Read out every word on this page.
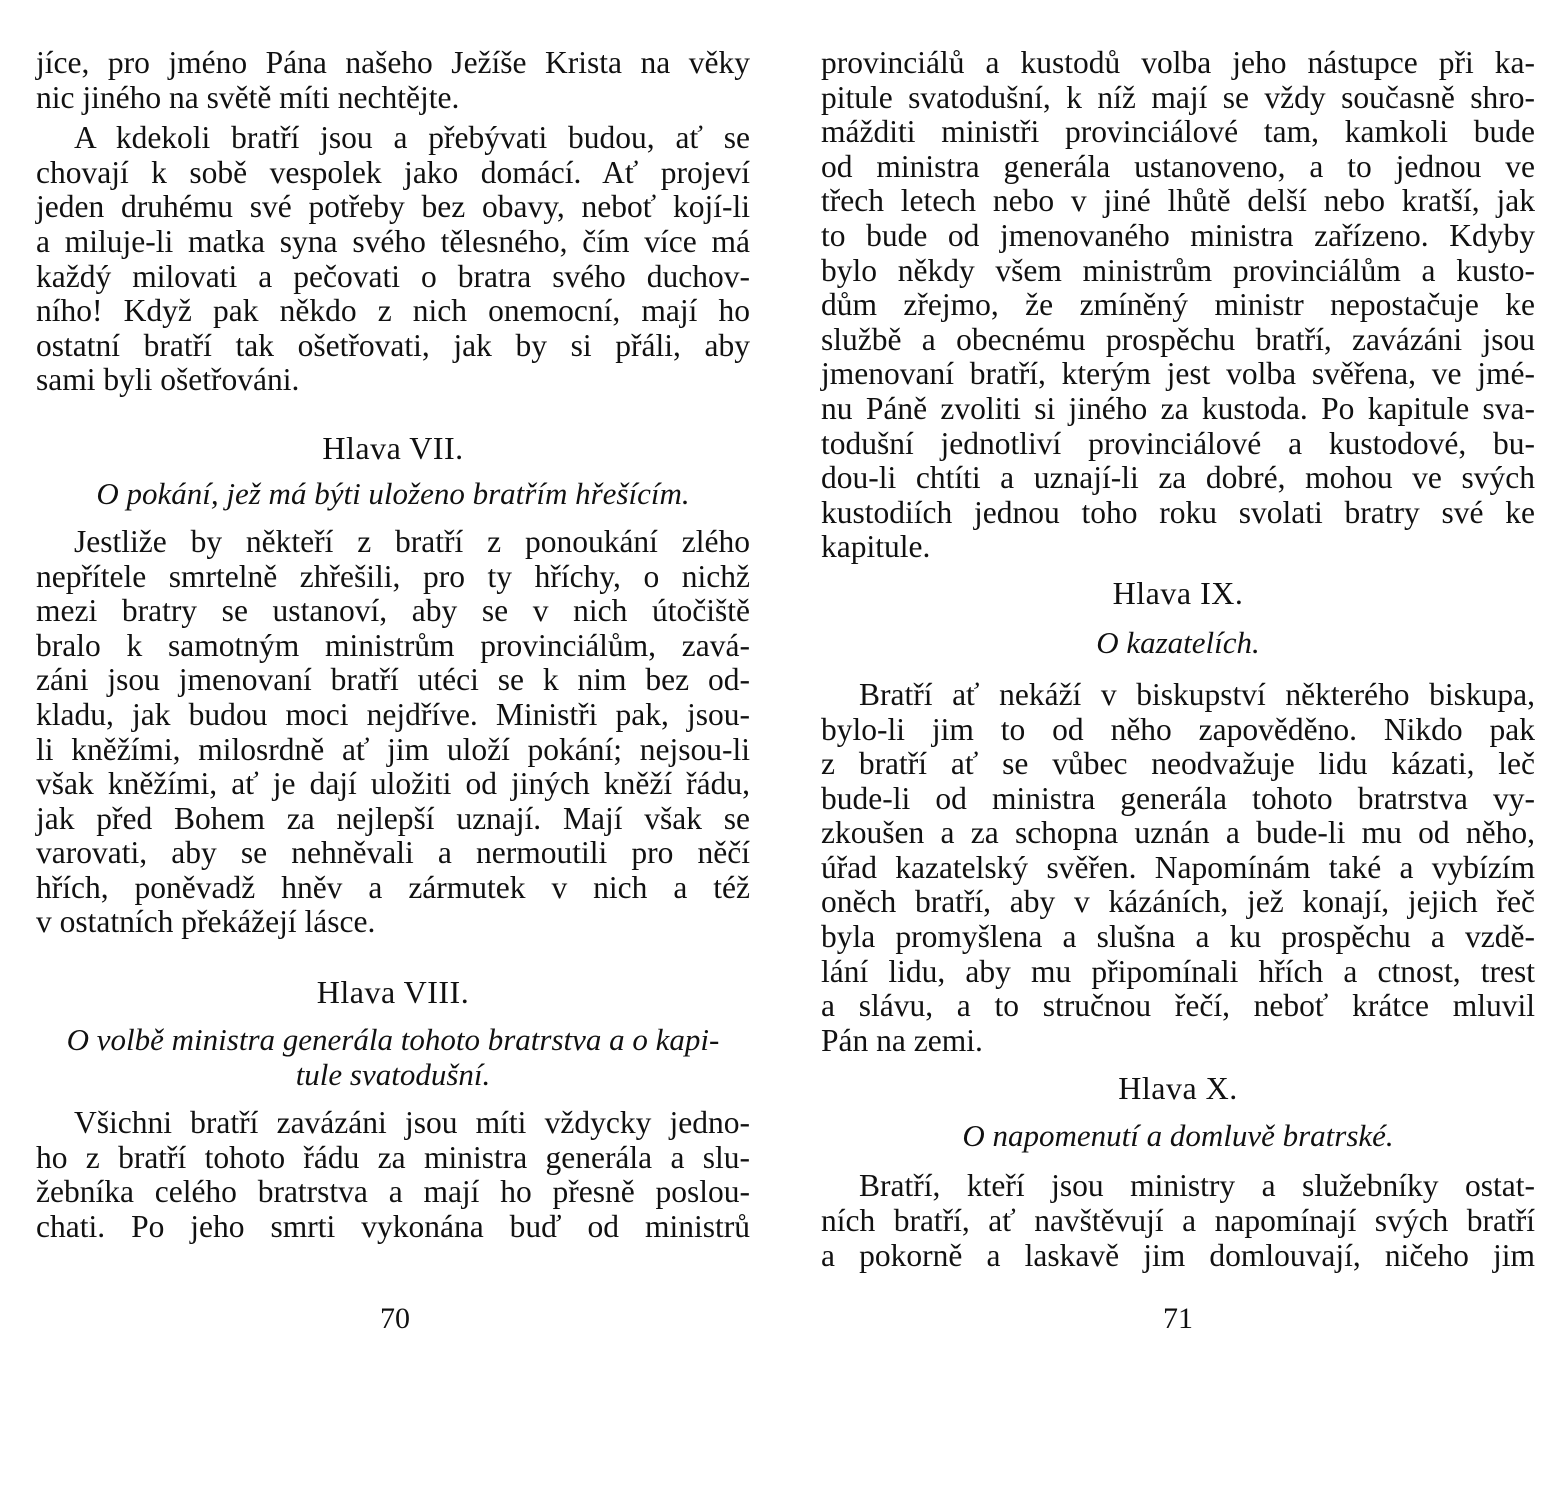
jíce, pro jméno Pána našeho Ježíše Krista na věky
nic jiného na světě míti nechtějte.
A kdekoli bratří jsou a přebývati budou, ať se
chovají k sobě vespolek jako domácí. Ať projeví
jeden druhému své potřeby bez obavy, neboť kojí-li
a miluje-li matka syna svého tělesného, čím více má
každý milovati a pečovati o bratra svého duchov-
ního! Když pak někdo z nich onemocní, mají ho
ostatní bratří tak ošetřovati, jak by si přáli, aby
sami byli ošetřováni.
Hlava VII.
O pokání, jež má býti uloženo bratřím hřešícím.
Jestliže by někteří z bratří z ponoukání zlého
nepřítele smrtelně zhřešili, pro ty hříchy, o nichž
mezi bratry se ustanoví, aby se v nich útočiště
bralo k samotným ministrům provinciálům, zavá-
záni jsou jmenovaní bratří utéci se k nim bez od-
kladu, jak budou moci nejdříve. Ministři pak, jsou-
li kněžími, milosrdně ať jim uloží pokání; nejsou-li
však kněžími, ať je dají uložiti od jiných kněží řádu,
jak před Bohem za nejlepší uznají. Mají však se
varovati, aby se nehněvali a nermoutili pro něčí
hřích, poněvadž hněv a zármutek v nich a též
v ostatních překážejí lásce.
Hlava VIII.
O volbě ministra generála tohoto bratrstva a o kapi-
tule svatodušní.
Všichni bratří zavázáni jsou míti vždycky jedno-
ho z bratří tohoto řádu za ministra generála a slu-
žebníka celého bratrstva a mají ho přesně poslou-
chati. Po jeho smrti vykonána buď od ministrů
70
provinciálů a kustodů volba jeho nástupce při ka-
pitule svatodušní, k níž mají se vždy současně shro-
mážditi ministři provinciálové tam, kamkoli bude
od ministra generála ustanoveno, a to jednou ve
třech letech nebo v jiné lhůtě delší nebo kratší, jak
to bude od jmenovaného ministra zařízeno. Kdyby
bylo někdy všem ministrům provinciálům a kusto-
dům zřejmo, že zmíněný ministr nepostačuje ke
službě a obecnému prospěchu bratří, zavázáni jsou
jmenovaní bratří, kterým jest volba svěřena, ve jmé-
nu Páně zvoliti si jiného za kustoda. Po kapitule sva-
todušní jednotliví provinciálové a kustodové, bu-
dou-li chtíti a uznají-li za dobré, mohou ve svých
kustodiích jednou toho roku svolati bratry své ke
kapitule.
Hlava IX.
O kazatelích.
Bratří ať nekáží v biskupství některého biskupa,
bylo-li jim to od něho zapověděno. Nikdo pak
z bratří ať se vůbec neodvažuje lidu kázati, leč
bude-li od ministra generála tohoto bratrstva vy-
zkoušen a za schopna uznán a bude-li mu od něho,
úřad kazatelský svěřen. Napomínám také a vybízím
oněch bratří, aby v kázáních, jež konají, jejich řeč
byla promyšlena a slušna a ku prospěchu a vzdě-
lání lidu, aby mu připomínali hřích a ctnost, trest
a slávu, a to stručnou řečí, neboť krátce mluvil
Pán na zemi.
Hlava X.
O napomenutí a domluvě bratrské.
Bratří, kteří jsou ministry a služebníky ostat-
ních bratří, ať navštěvují a napomínají svých bratří
a pokorně a laskavě jim domlouvají, ničeho jim
71
